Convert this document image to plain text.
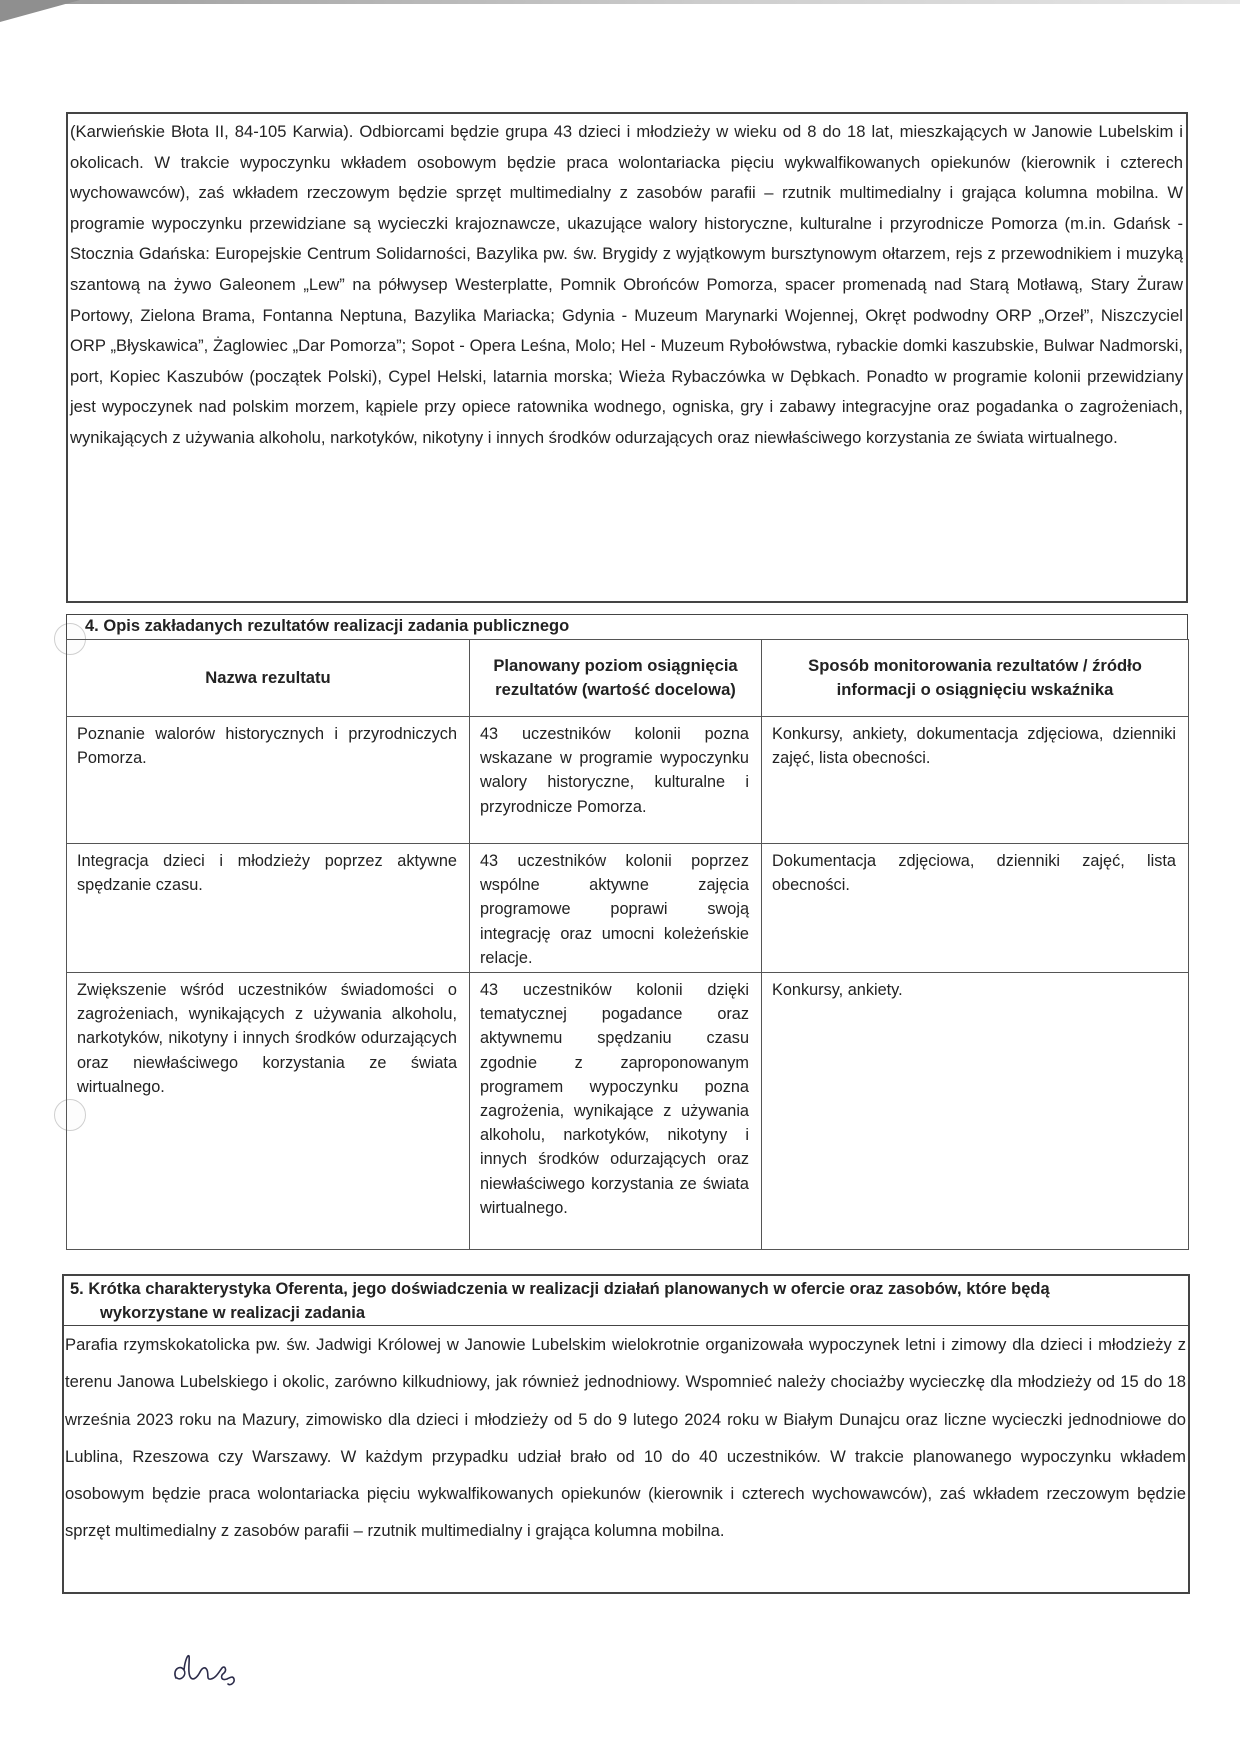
(Karwieńskie Błota II, 84-105 Karwia). Odbiorcami będzie grupa 43 dzieci i młodzieży w wieku od 8 do 18 lat, mieszkających w Janowie Lubelskim i okolicach. W trakcie wypoczynku wkładem osobowym będzie praca wolontariacka pięciu wykwalfikowanych opiekunów (kierownik i czterech wychowawców), zaś wkładem rzeczowym będzie sprzęt multimedialny z zasobów parafii – rzutnik multimedialny i grająca kolumna mobilna. W programie wypoczynku przewidziane są wycieczki krajoznawcze, ukazujące walory historyczne, kulturalne i przyrodnicze Pomorza (m.in. Gdańsk - Stocznia Gdańska: Europejskie Centrum Solidarności, Bazylika pw. św. Brygidy z wyjątkowym bursztynowym ołtarzem, rejs z przewodnikiem i muzyką szantową na żywo Galeonem „Lew” na półwysep Westerplatte, Pomnik Obrońców Pomorza, spacer promenadą nad Starą Motławą, Stary Żuraw Portowy, Zielona Brama, Fontanna Neptuna, Bazylika Mariacka; Gdynia - Muzeum Marynarki Wojennej, Okręt podwodny ORP „Orzeł”, Niszczyciel ORP „Błyskawica”, Żaglowiec „Dar Pomorza”; Sopot - Opera Leśna, Molo; Hel - Muzeum Rybołówstwa, rybackie domki kaszubskie, Bulwar Nadmorski, port, Kopiec Kaszubów (początek Polski), Cypel Helski, latarnia morska; Wieża Rybaczówka w Dębkach. Ponadto w programie kolonii przewidziany jest wypoczynek nad polskim morzem, kąpiele przy opiece ratownika wodnego, ogniska, gry i zabawy integracyjne oraz pogadanka o zagrożeniach, wynikających z używania alkoholu, narkotyków, nikotyny i innych środków odurzających oraz niewłaściwego korzystania ze świata wirtualnego.

4. Opis zakładanych rezultatów realizacji zadania publicznego
Nazwa rezultatu	Planowany poziom osiągnięcia rezultatów (wartość docelowa)	Sposób monitorowania rezultatów / źródło informacji o osiągnięciu wskaźnika
Poznanie walorów historycznych i przyrodniczych Pomorza.	43 uczestników kolonii pozna wskazane w programie wypoczynku walory historyczne, kulturalne i przyrodnicze Pomorza.	Konkursy, ankiety, dokumentacja zdjęciowa, dzienniki zajęć, lista obecności.
Integracja dzieci i młodzieży poprzez aktywne spędzanie czasu.	43 uczestników kolonii poprzez wspólne aktywne zajęcia programowe poprawi swoją integrację oraz umocni koleżeńskie relacje.	Dokumentacja zdjęciowa, dzienniki zajęć, lista obecności.
Zwiększenie wśród uczestników świadomości o zagrożeniach, wynikających z używania alkoholu, narkotyków, nikotyny i innych środków odurzających oraz niewłaściwego korzystania ze świata wirtualnego.	43 uczestników kolonii dzięki tematycznej pogadance oraz aktywnemu spędzaniu czasu zgodnie z zaproponowanym programem wypoczynku pozna zagrożenia, wynikające z używania alkoholu, narkotyków, nikotyny i innych środków odurzających oraz niewłaściwego korzystania ze świata wirtualnego.	Konkursy, ankiety.
5. Krótka charakterystyka Oferenta, jego doświadczenia w realizacji działań planowanych w ofercie oraz zasobów, które będą
wykorzystane w realizacji zadania

Parafia rzymskokatolicka pw. św. Jadwigi Królowej w Janowie Lubelskim wielokrotnie organizowała wypoczynek letni i zimowy dla dzieci i młodzieży z terenu Janowa Lubelskiego i okolic, zarówno kilkudniowy, jak również jednodniowy. Wspomnieć należy chociażby wycieczkę dla młodzieży od 15 do 18 września 2023 roku na Mazury, zimowisko dla dzieci i młodzieży od 5 do 9 lutego 2024 roku w Białym Dunajcu oraz liczne wycieczki jednodniowe do Lublina, Rzeszowa czy Warszawy. W każdym przypadku udział brało od 10 do 40 uczestników. W trakcie planowanego wypoczynku wkładem osobowym będzie praca wolontariacka pięciu wykwalfikowanych opiekunów (kierownik i czterech wychowawców), zaś wkładem rzeczowym będzie sprzęt multimedialny z zasobów parafii – rzutnik multimedialny i grająca kolumna mobilna.
